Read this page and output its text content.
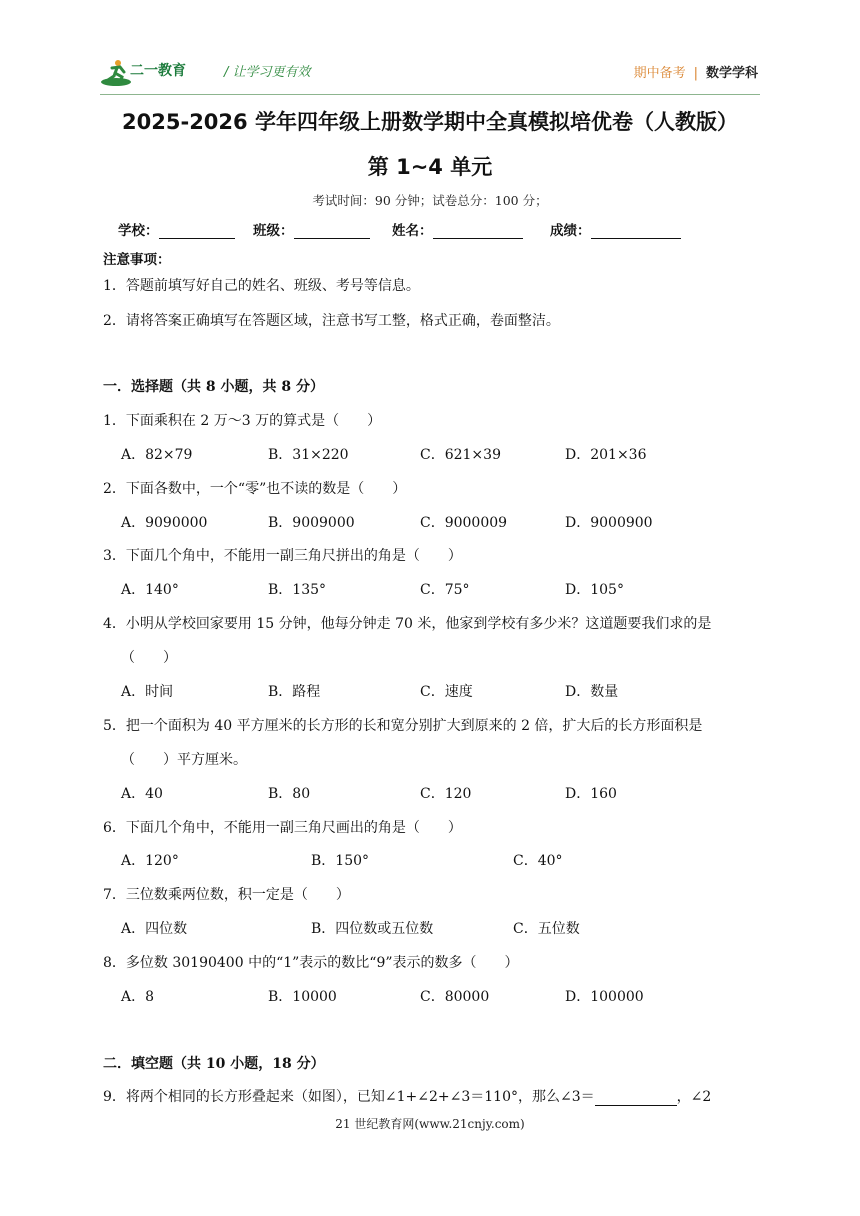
二一教育	/ 让学习更有效	期中备考 | 数学学科
2025-2026 学年四年级上册数学期中全真模拟培优卷（人教版）
第 1~4 单元
考试时间：90 分钟；试卷总分：100 分；
学校：	班级：	姓名：	成绩：
注意事项：
1．答题前填写好自己的姓名、班级、考号等信息。
2．请将答案正确填写在答题区域，注意书写工整，格式正确，卷面整洁。
一．选择题（共 8 小题，共 8 分）
1．下面乘积在 2 万～3 万的算式是（　　）
A．82×79	B．31×220	C．621×39	D．201×36
2．下面各数中，一个“零”也不读的数是（　　）
A．9090000	B．9009000	C．9000009	D．9000900
3．下面几个角中，不能用一副三角尺拼出的角是（　　）
A．140°	B．135°	C．75°	D．105°
4．小明从学校回家要用 15 分钟，他每分钟走 70 米，他家到学校有多少米？这道题要我们求的是
（　　）
A．时间	B．路程	C．速度	D．数量
5．把一个面积为 40 平方厘米的长方形的长和宽分别扩大到原来的 2 倍，扩大后的长方形面积是
（　　）平方厘米。
A．40	B．80	C．120	D．160
6．下面几个角中，不能用一副三角尺画出的角是（　　）
A．120°	B．150°	C．40°
7．三位数乘两位数，积一定是（　　）
A．四位数	B．四位数或五位数	C．五位数
8．多位数 30190400 中的“1”表示的数比“9”表示的数多（　　）
A．8	B．10000	C．80000	D．100000
二．填空题（共 10 小题，18 分）
9．将两个相同的长方形叠起来（如图），已知∠1+∠2+∠3＝110°，那么∠3＝	，∠2
21 世纪教育网(www.21cnjy.com)
